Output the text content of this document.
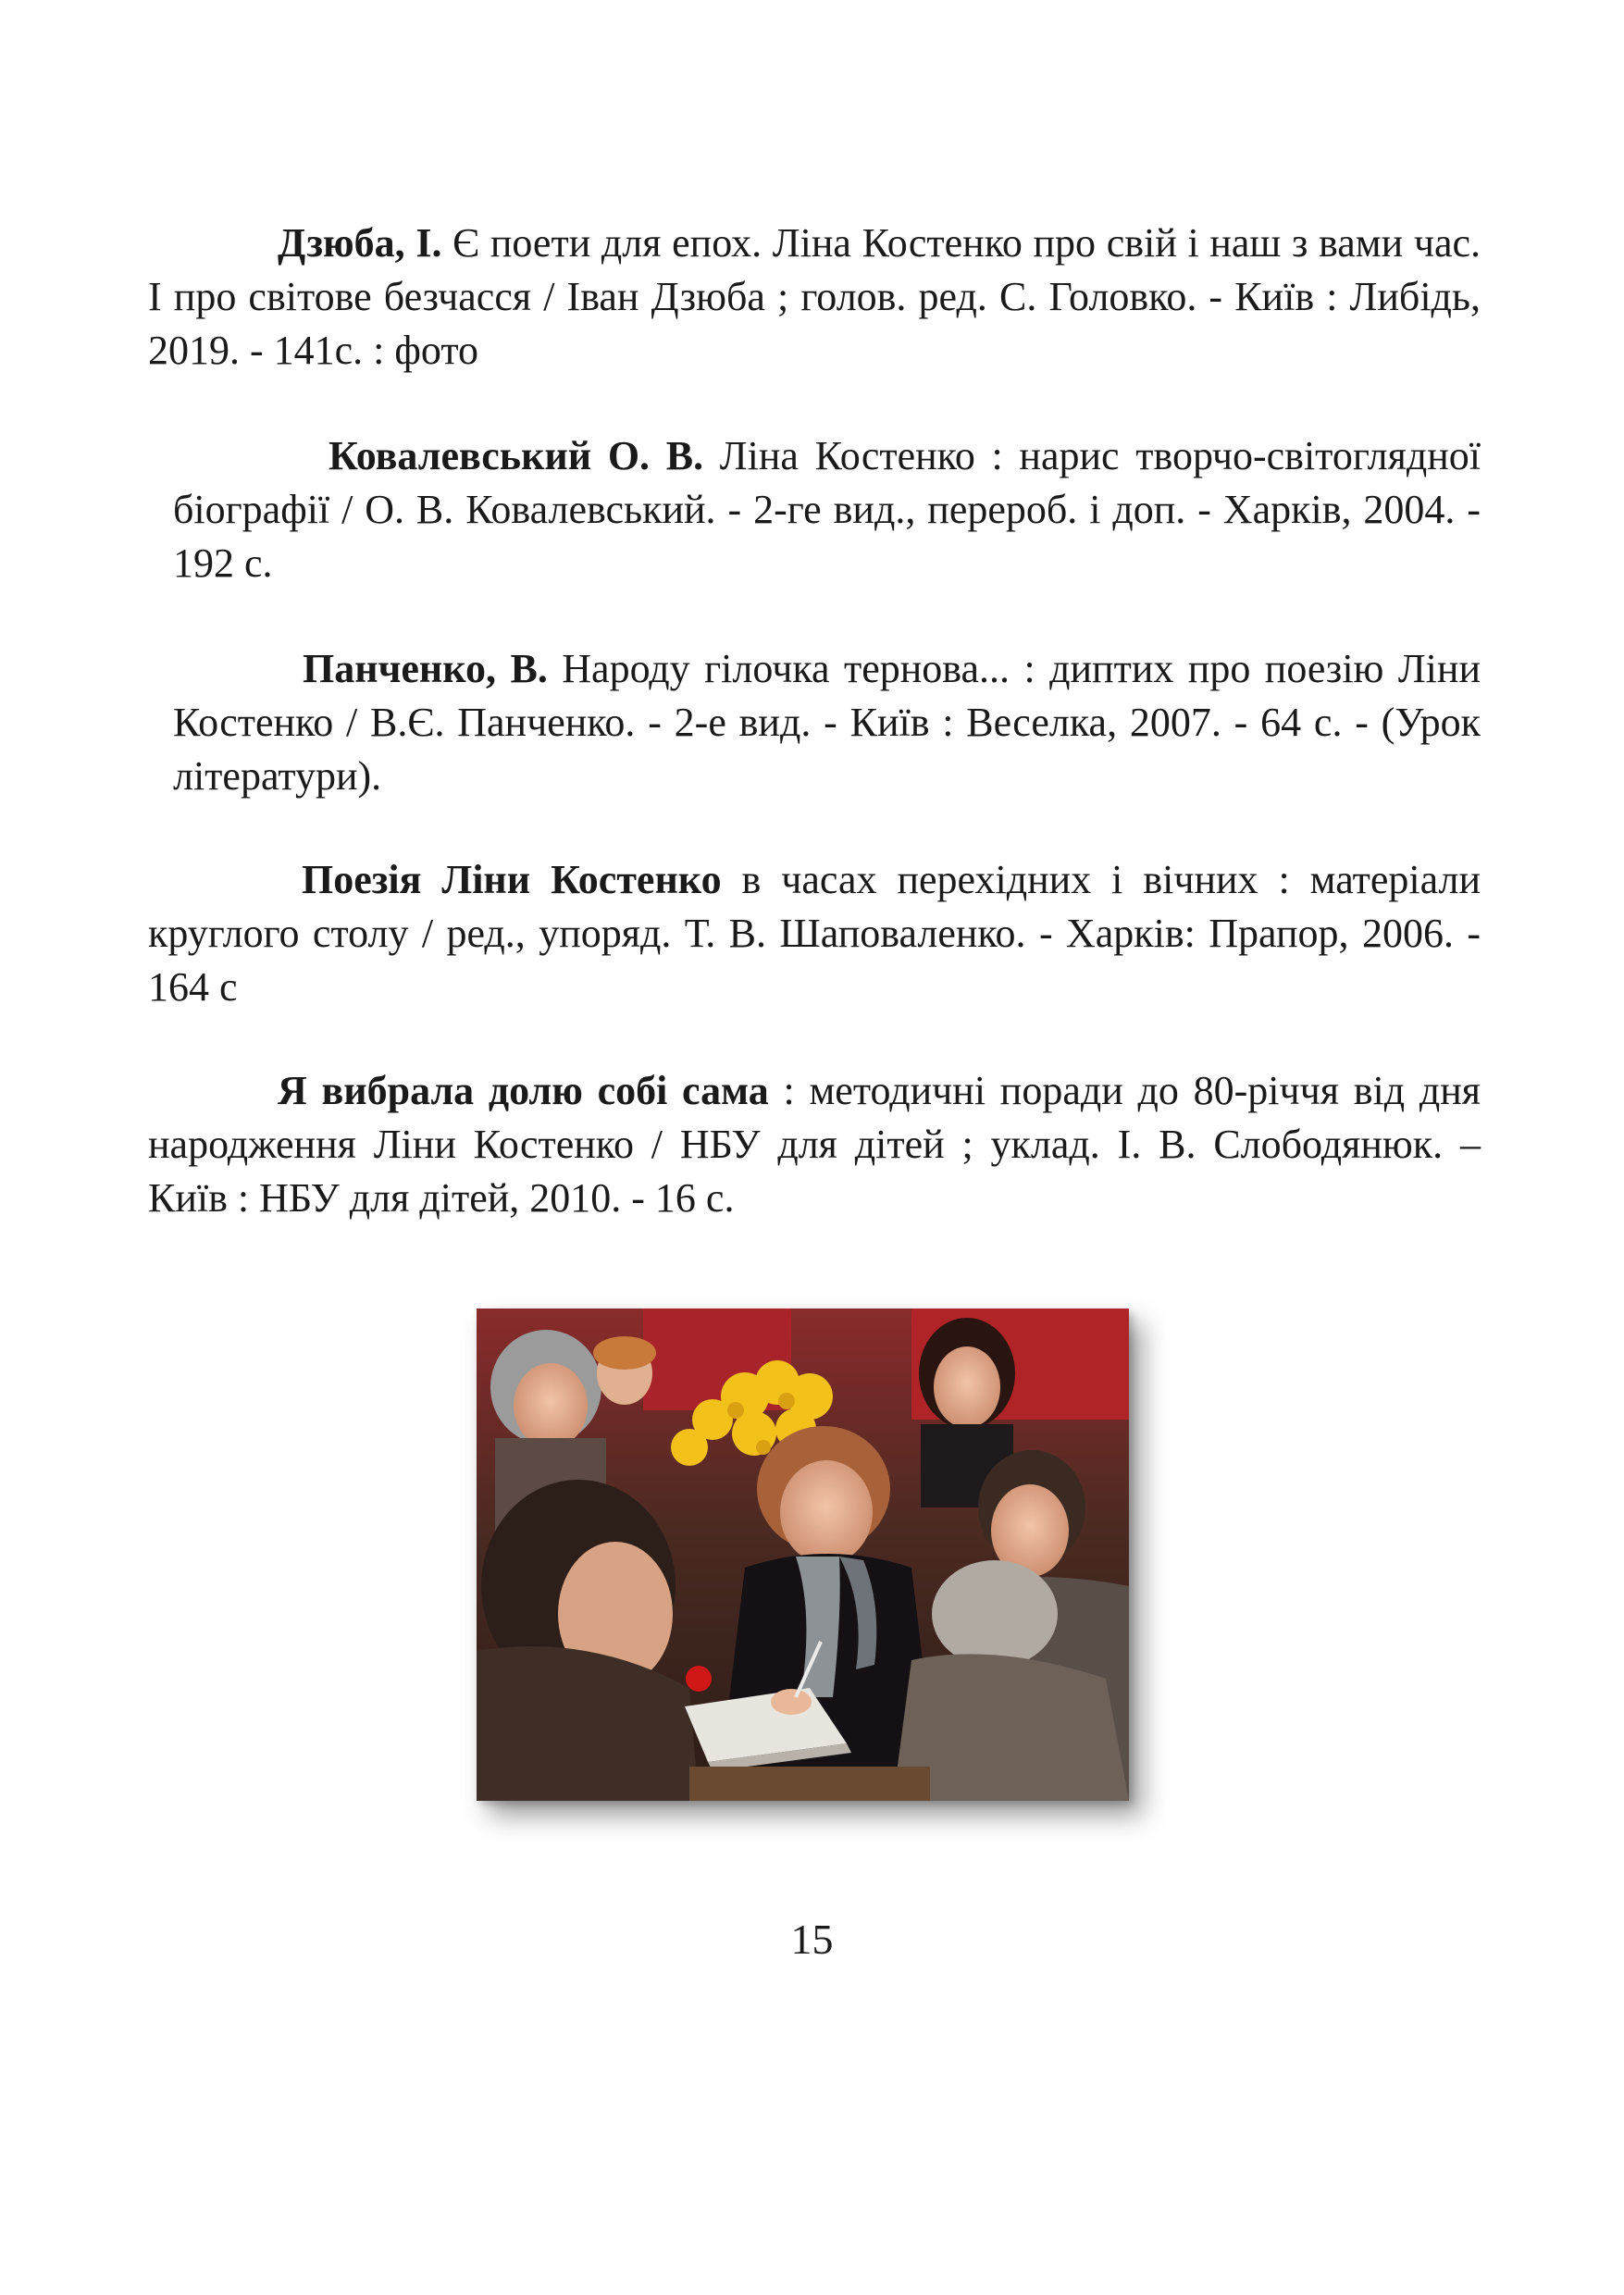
Дзюба, І. Є поети для епох. Ліна Костенко про свій і наш з вами час. І про світове безчасся / Іван Дзюба ; голов. ред. С. Головко. - Київ : Либідь, 2019. - 141с. : фото

Ковалевський О. В. Ліна Костенко : нарис творчо-світоглядної біографії / О. В. Ковалевський. - 2-ге вид., перероб. і доп. - Харків, 2004. - 192 с.

Панченко, В. Народу гілочка тернова... : диптих про поезію Ліни Костенко / В.Є. Панченко. - 2-е вид. - Київ : Веселка, 2007. - 64 с. - (Урок літератури).

Поезія Ліни Костенко в часах перехідних і вічних : матеріали круглого столу / ред., упоряд. Т. В. Шаповаленко. - Харків: Прапор, 2006. - 164 с

Я вибрала долю собі сама : методичні поради до 80-річчя від дня народження Ліни Костенко / НБУ для дітей ; уклад. І. В. Слободянюк. – Київ : НБУ для дітей, 2010. - 16 с.

15
